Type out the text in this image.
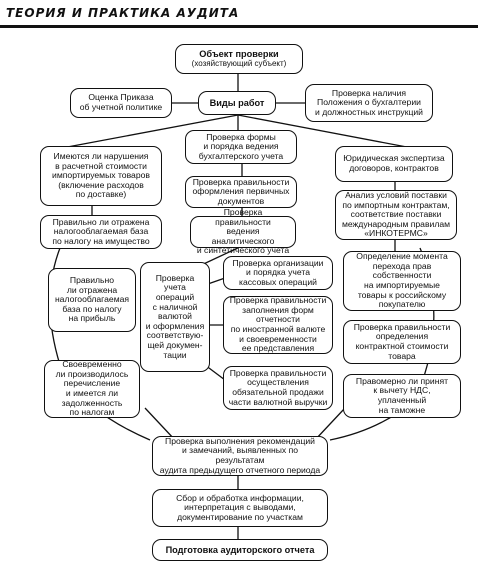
ТЕОРИЯ И ПРАКТИКА АУДИТА
Объект проверки
(хозяйствующий субъект)
Виды работ
Оценка Приказа
об учетной политике
Проверка наличия
Положения о бухгалтерии
и должностных инструкций
Проверка формы
и порядка ведения
бухгалтерского учета
Имеются ли нарушения
в расчетной стоимости
импортируемых товаров
(включение расходов
по доставке)
Юридическая экспертиза
договоров, контрактов
Проверка правильности
оформления первичных
документов
Правильно ли отражена
налогооблагаемая база
по налогу на имущество
Проверка правильности
ведения аналитического
и синтетического учета
Анализ условий поставки
по импортным контрактам,
соответствие поставки
международным правилам
«ИНКОТЕРМС»
Правильно
ли отражена
налогооблагаемая
база по налогу
на прибыль
Проверка
учета
операций
с наличной
валютой
и оформления
соответствую-
щей докумен-
тации
Проверка организации
и порядка учета
кассовых операций
Определение момента
перехода прав
собственности
на импортируемые
товары к российскому
покупателю
Проверка правильности
заполнения форм
отчетности
по иностранной валюте
и своевременности
ее представления
Проверка правильности
определения
контрактной стоимости
товара
Своевременно
ли производилось
перечисление
и имеется ли
задолженность
по налогам
Проверка правильности
осуществления
обязательной продажи
части валютной выручки
Правомерно ли принят
к вычету НДС,
уплаченный
на таможне
Проверка выполнения рекомендаций
и замечаний, выявленных по результатам
аудита предыдущего отчетного периода
Сбор и обработка информации,
интерпретация с выводами,
документирование по участкам
Подготовка аудиторского отчета
